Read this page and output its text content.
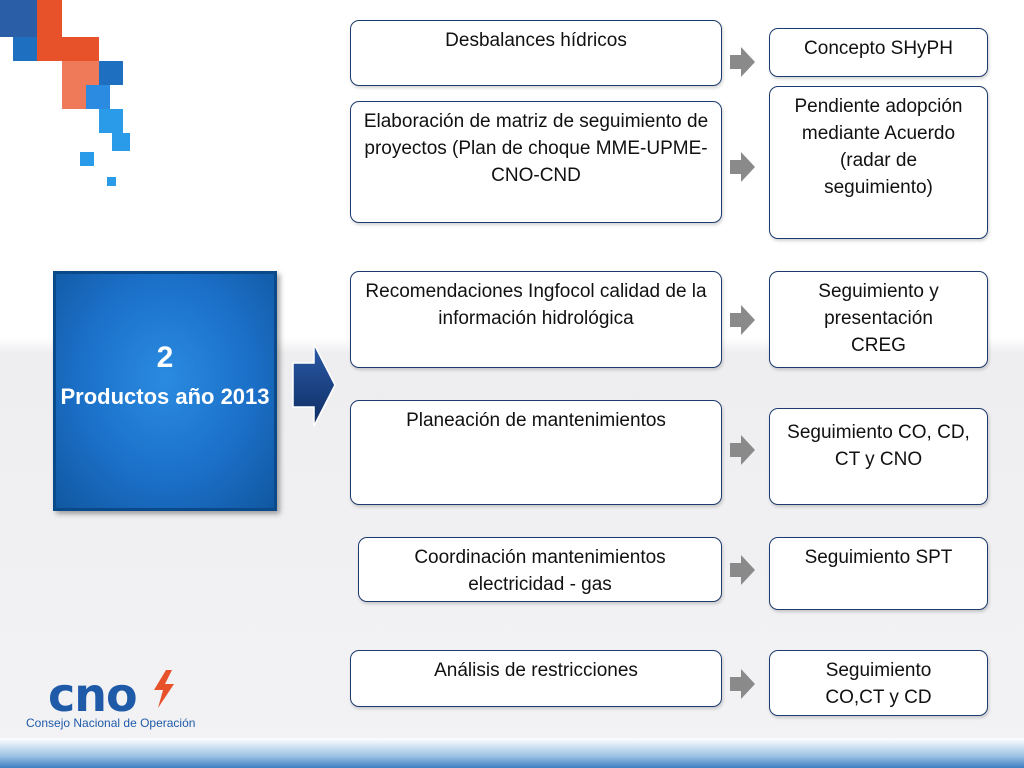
2
Productos año 2013
Desbalances hídricos
Elaboración de matriz de seguimiento de proyectos (Plan de choque MME-UPME-CNO-CND
Recomendaciones Ingfocol calidad de la información hidrológica
Planeación de mantenimientos
Coordinación mantenimientos electricidad - gas
Análisis de restricciones
Concepto SHyPH
Pendiente adopción mediante Acuerdo (radar de seguimiento)
Seguimiento y presentación CREG
Seguimiento CO, CD, CT y CNO
Seguimiento SPT
Seguimiento CO,CT y CD
cno
Consejo Nacional de Operación
